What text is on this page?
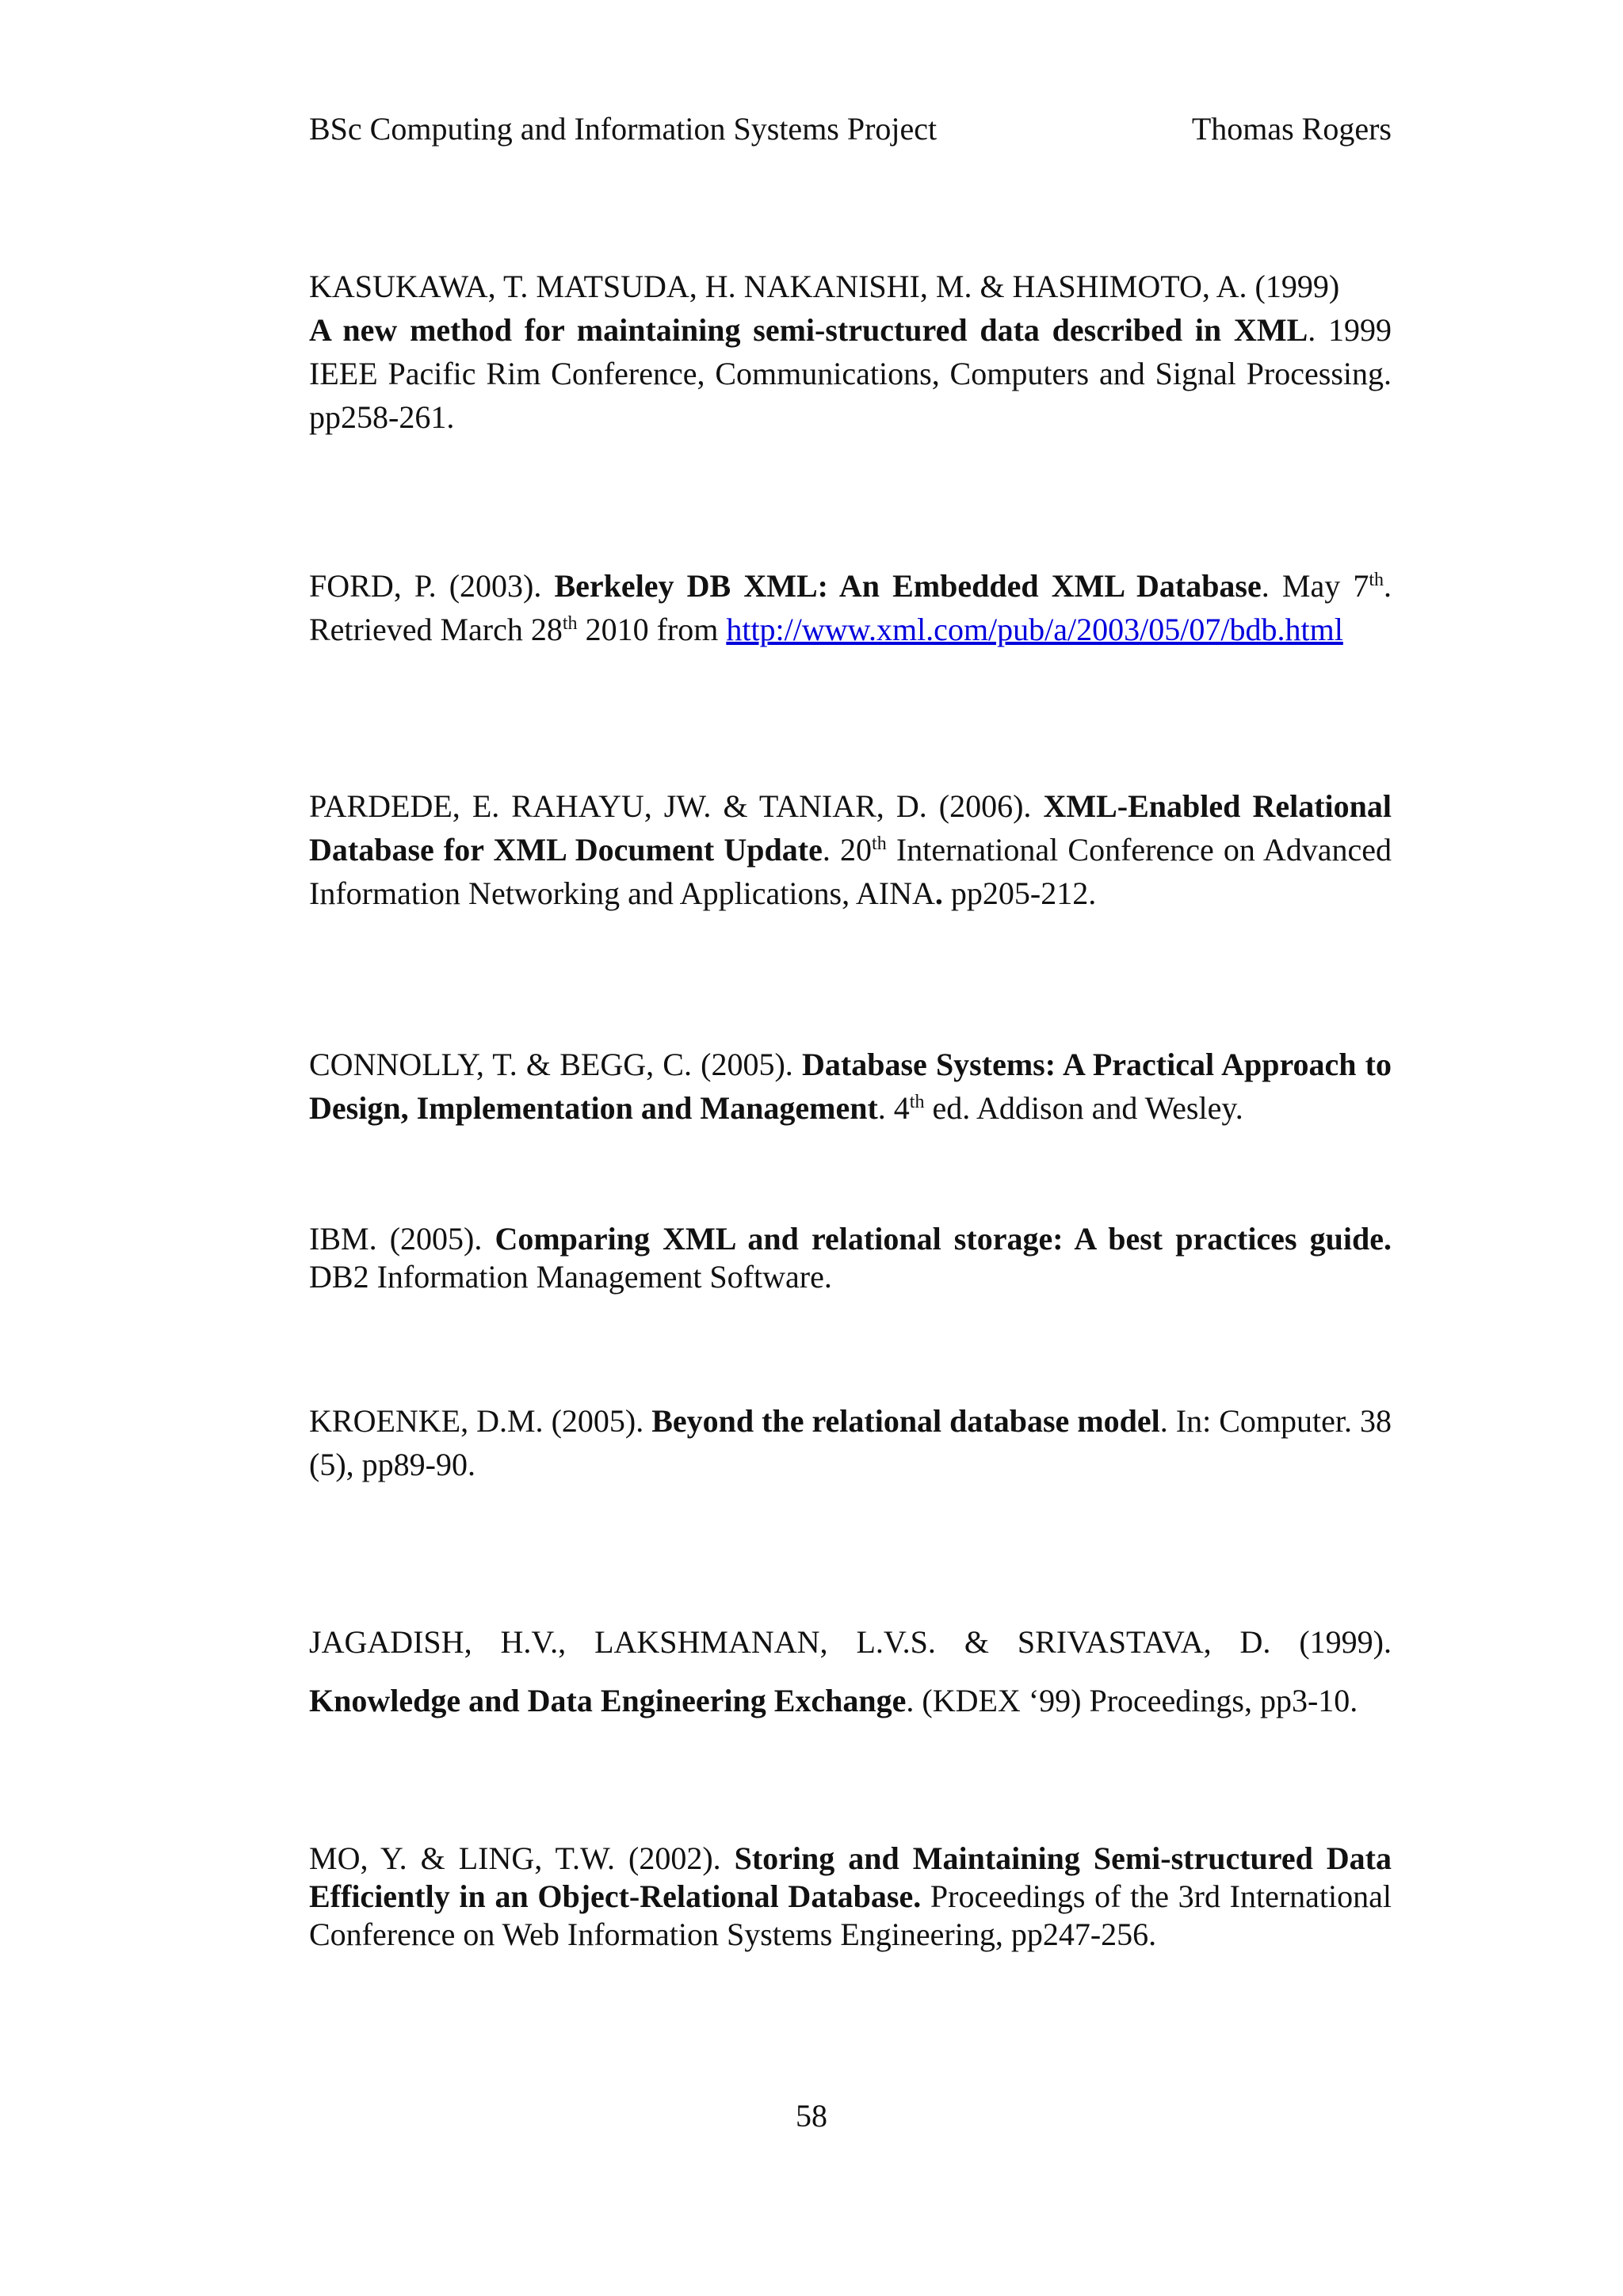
BSc Computing and Information Systems Project	Thomas Rogers

KASUKAWA, T. MATSUDA, H. NAKANISHI, M. & HASHIMOTO, A. (1999)
A new method for maintaining semi-structured data described in XML. 1999 IEEE Pacific Rim Conference, Communications, Computers and Signal Processing. pp258-261.

FORD, P. (2003). Berkeley DB XML: An Embedded XML Database. May 7th. Retrieved March 28th 2010 from http://www.xml.com/pub/a/2003/05/07/bdb.html

PARDEDE, E. RAHAYU, JW. & TANIAR, D. (2006). XML-Enabled Relational Database for XML Document Update. 20th International Conference on Advanced Information Networking and Applications, AINA. pp205-212.

CONNOLLY, T. & BEGG, C. (2005). Database Systems: A Practical Approach to Design, Implementation and Management. 4th ed. Addison and Wesley.

IBM. (2005). Comparing XML and relational storage: A best practices guide. DB2 Information Management Software.

KROENKE, D.M. (2005). Beyond the relational database model. In: Computer. 38 (5), pp89-90.

JAGADISH, H.V., LAKSHMANAN, L.V.S. & SRIVASTAVA, D. (1999). Knowledge and Data Engineering Exchange. (KDEX ‘99) Proceedings, pp3-10.

MO, Y. & LING, T.W. (2002). Storing and Maintaining Semi-structured Data Efficiently in an Object-Relational Database. Proceedings of the 3rd International Conference on Web Information Systems Engineering, pp247-256.

58
